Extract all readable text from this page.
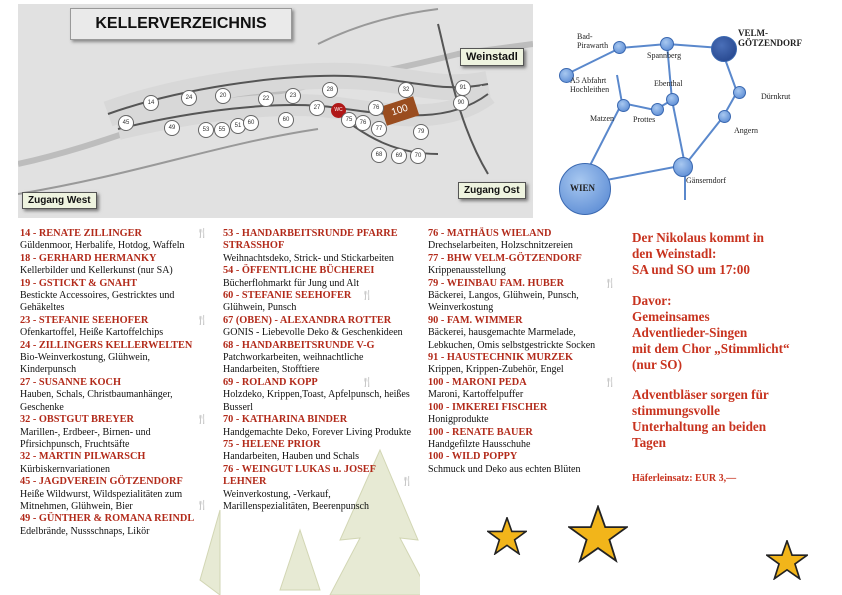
KELLERVERZEICHNIS
Weinstadl
Zugang West
Zugang Ost
100
WC
14
45
49	53	55
51	60	60
22	23
27
28
75	76
77
76
68	69	70
79
32	91
90
24	20
Bad-
Pirawarth
Spannberg
VELM-
GÖTZENDORF
Ebenthal
A5 Abfahrt
Hochleithen
Dürnkrut
Matzen Prottes
Angern
WIEN
Gänserndorf
14 - RENATE ZILLINGER	🍴
Güldenmoor, Herbalife, Hotdog, Waffeln
18 - GERHARD HERMANKY
Kellerbilder und Kellerkunst (nur SA)
19 - GSTICKT & GNAHT
Bestickte Accessoires, Gestricktes und Gehäkeltes
23 - STEFANIE SEEHOFER	🍴
Ofenkartoffel, Heiße Kartoffelchips
24 - ZILLINGERS KELLERWELTEN
Bio-Weinverkostung, Glühwein, Kinderpunsch
27 - SUSANNE KOCH
Hauben, Schals, Christbaumanhänger, Geschenke
32 - OBSTGUT BREYER	🍴
Marillen-, Erdbeer-, Birnen- und Pfirsichpunsch, Fruchtsäfte
32 - MARTIN PILWARSCH
Kürbiskernvariationen
45 - JAGDVEREIN GÖTZENDORF
🍴
Heiße Wildwurst, Wildspezialitäten zum Mitnehmen, Glühwein, Bier
49 - GÜNTHER & ROMANA REINDL
Edelbrände, Nussschnaps, Likör
53 - HANDARBEITSRUNDE PFARRE STRASSHOF
Weihnachtsdeko, Strick- und Stickarbeiten
54 - ÖFFENTLICHE BÜCHEREI
Bücherflohmarkt für Jung und Alt
60 - STEFANIE SEEHOFER 🍴
Glühwein, Punsch
67 (OBEN) - ALEXANDRA ROTTER
GONIS - Liebevolle Deko & Geschenkideen
68 - HANDARBEITSRUNDE V-G
Patchworkarbeiten, weihnachtliche Handarbeiten, Stofftiere
69 - ROLAND KOPP	🍴
Holzdeko, Krippen,Toast, Apfelpunsch, heißes Busserl
70 - KATHARINA BINDER
Handgemachte Deko, Forever Living Produkte
75 - HELENE PRIOR
Handarbeiten, Hauben und Schals
76 - WEINGUT LUKAS u. JOSEF LEHNER	🍴
Weinverkostung, -Verkauf, Marillenspezialitäten, Beerenpunsch
76 - MATHÄUS WIELAND
Drechselarbeiten, Holzschnitzereien
77 - BHW VELM-GÖTZENDORF
Krippenausstellung
79 - WEINBAU FAM. HUBER	🍴
Bäckerei, Langos, Glühwein, Punsch, Weinverkostung
90 - FAM. WIMMER
Bäckerei, hausgemachte Marmelade, Lebkuchen, Omis selbstgestrickte Socken
91 - HAUSTECHNIK MURZEK
Krippen, Krippen-Zubehör, Engel
100 - MARONI PEDA	🍴
Maroni, Kartoffelpuffer
100 - IMKEREI FISCHER
Honigprodukte
100 - RENATE BAUER
Handgefilzte Hausschuhe
100 - WILD POPPY
Schmuck und Deko aus echten Blüten
Der Nikolaus kommt in
den Weinstadl:
SA und SO um 17:00
Davor:
Gemeinsames
Adventlieder-Singen
mit dem Chor „Stimmlicht“
(nur SO)
Adventbläser sorgen für
stimmungsvolle
Unterhaltung an beiden
Tagen
Häferleinsatz: EUR 3,—
